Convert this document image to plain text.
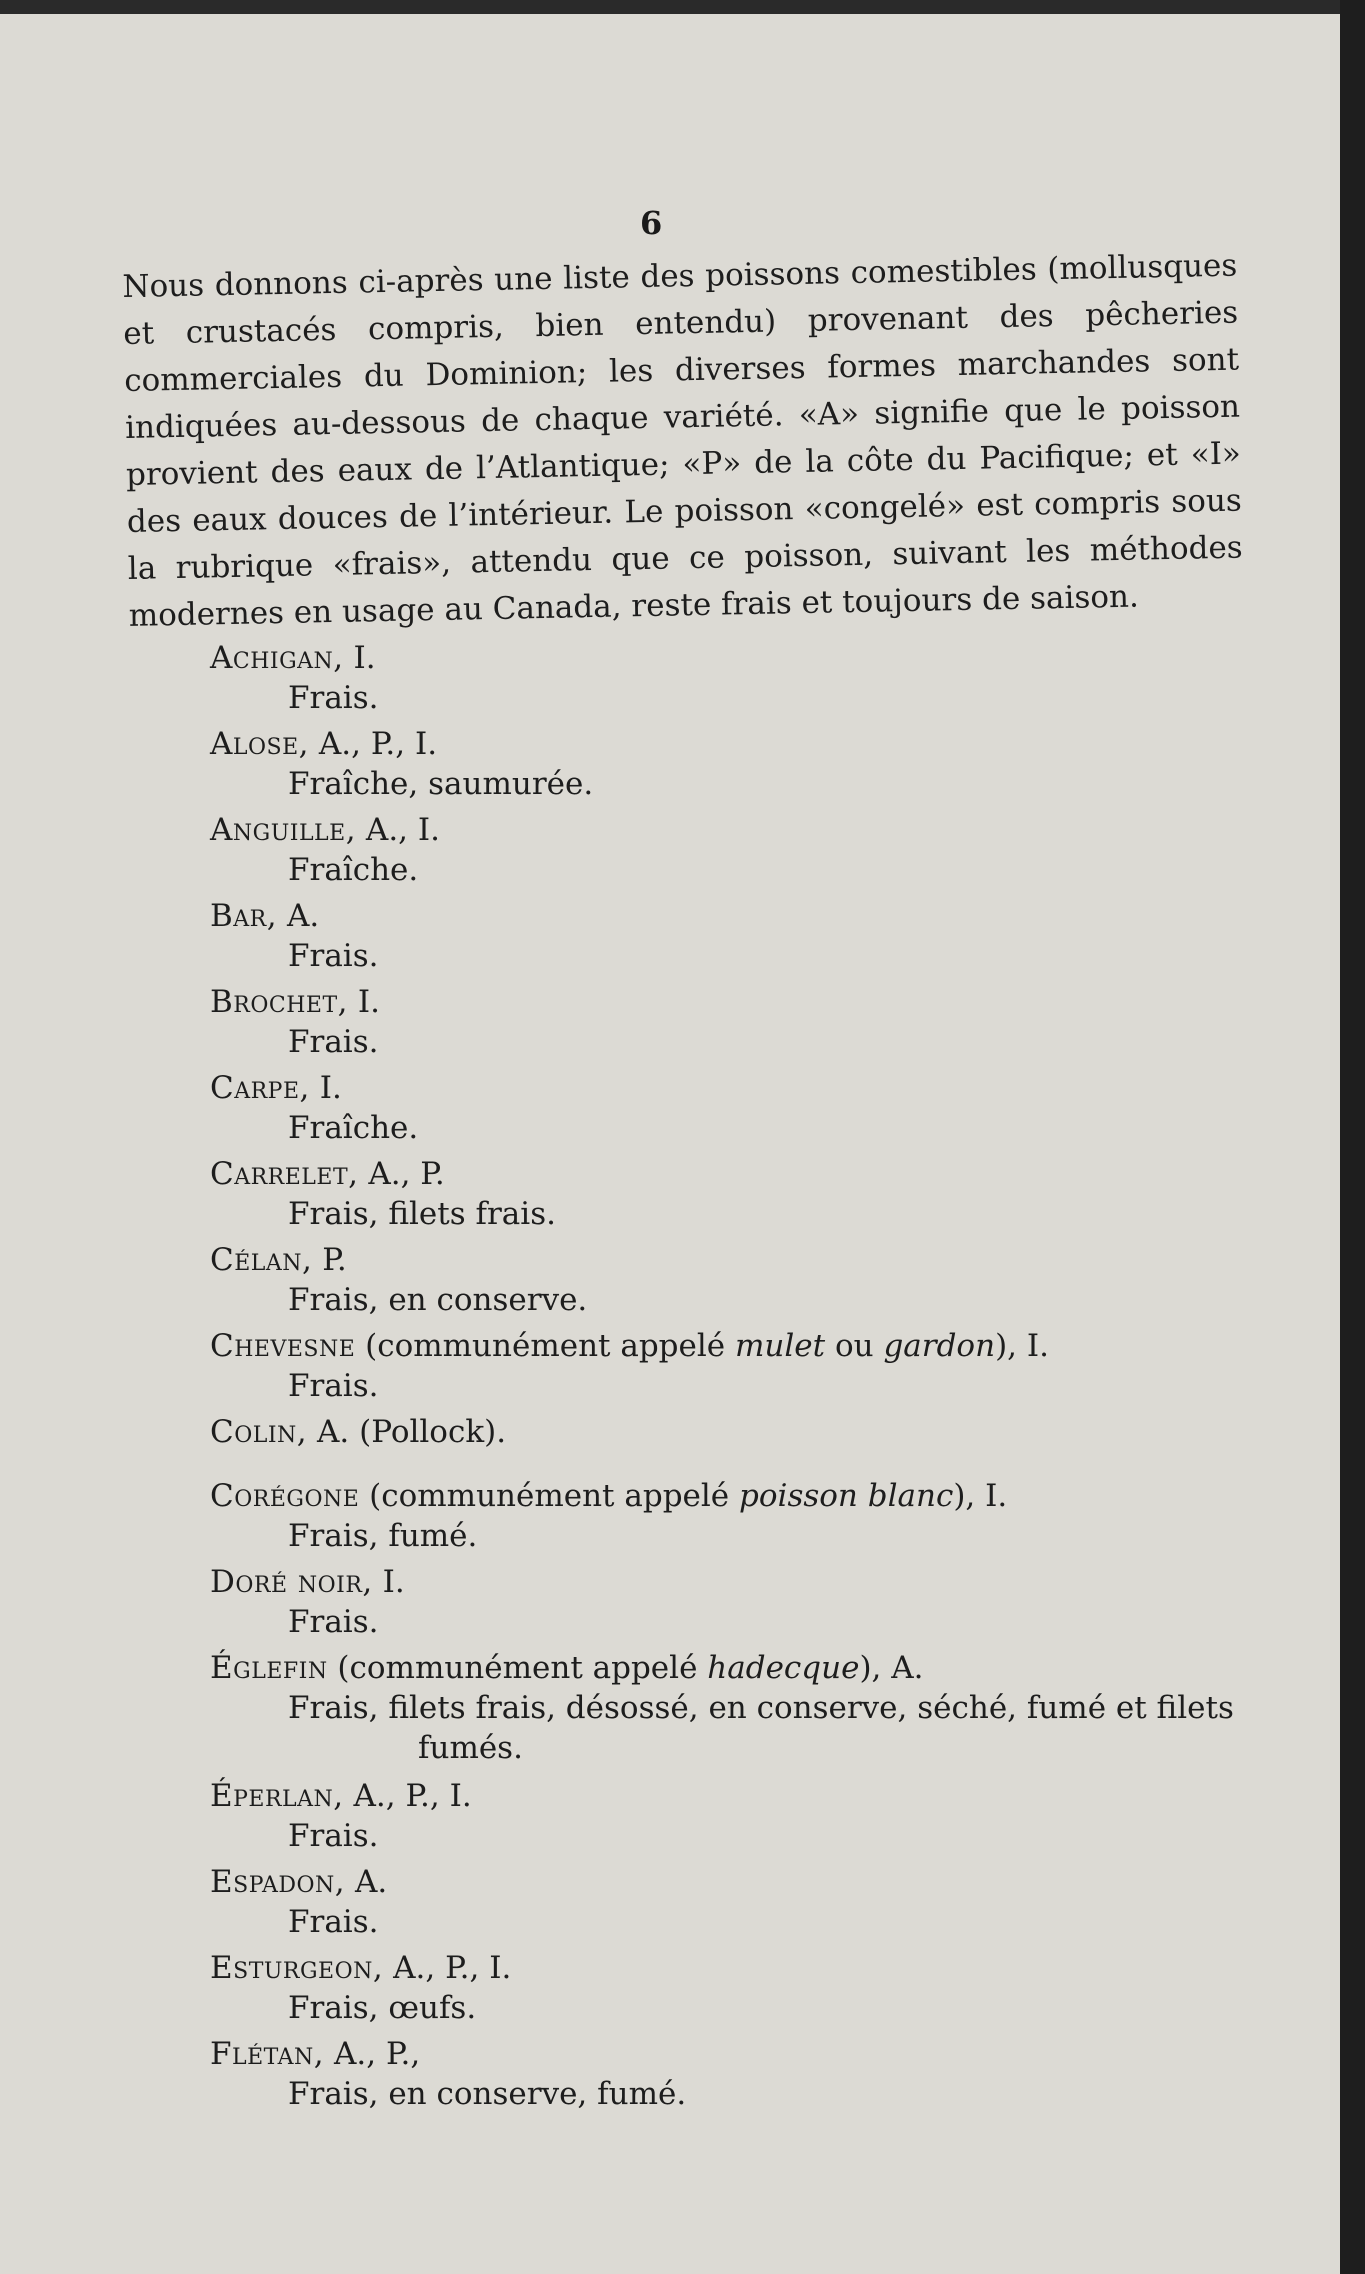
6

Nous donnons ci-après une liste des poissons comestibles (mollusques et crustacés compris, bien entendu) provenant des pêcheries commerciales du Dominion; les diverses formes marchandes sont indiquées au-dessous de chaque variété. «A» signifie que le poisson provient des eaux de l’Atlantique; «P» de la côte du Pacifique; et «I» des eaux douces de l’intérieur. Le poisson «congelé» est compris sous la rubrique «frais», attendu que ce poisson, suivant les méthodes modernes en usage au Canada, reste frais et toujours de saison.

Achigan, I.
Frais.
Alose, A., P., I.
Fraîche, saumurée.
Anguille, A., I.
Fraîche.
Bar, A.
Frais.
Brochet, I.
Frais.
Carpe, I.
Fraîche.
Carrelet, A., P.
Frais, filets frais.
Célan, P.
Frais, en conserve.
Chevesne (communément appelé mulet ou gardon), I.
Frais.
Colin, A. (Pollock).
Corégone (communément appelé poisson blanc), I.
Frais, fumé.
Doré noir, I.
Frais.
Églefin (communément appelé hadecque), A.
Frais, filets frais, désossé, en conserve, séché, fumé et filets
fumés.
Éperlan, A., P., I.
Frais.
Espadon, A.
Frais.
Esturgeon, A., P., I.
Frais, œufs.
Flétan, A., P.,
Frais, en conserve, fumé.
